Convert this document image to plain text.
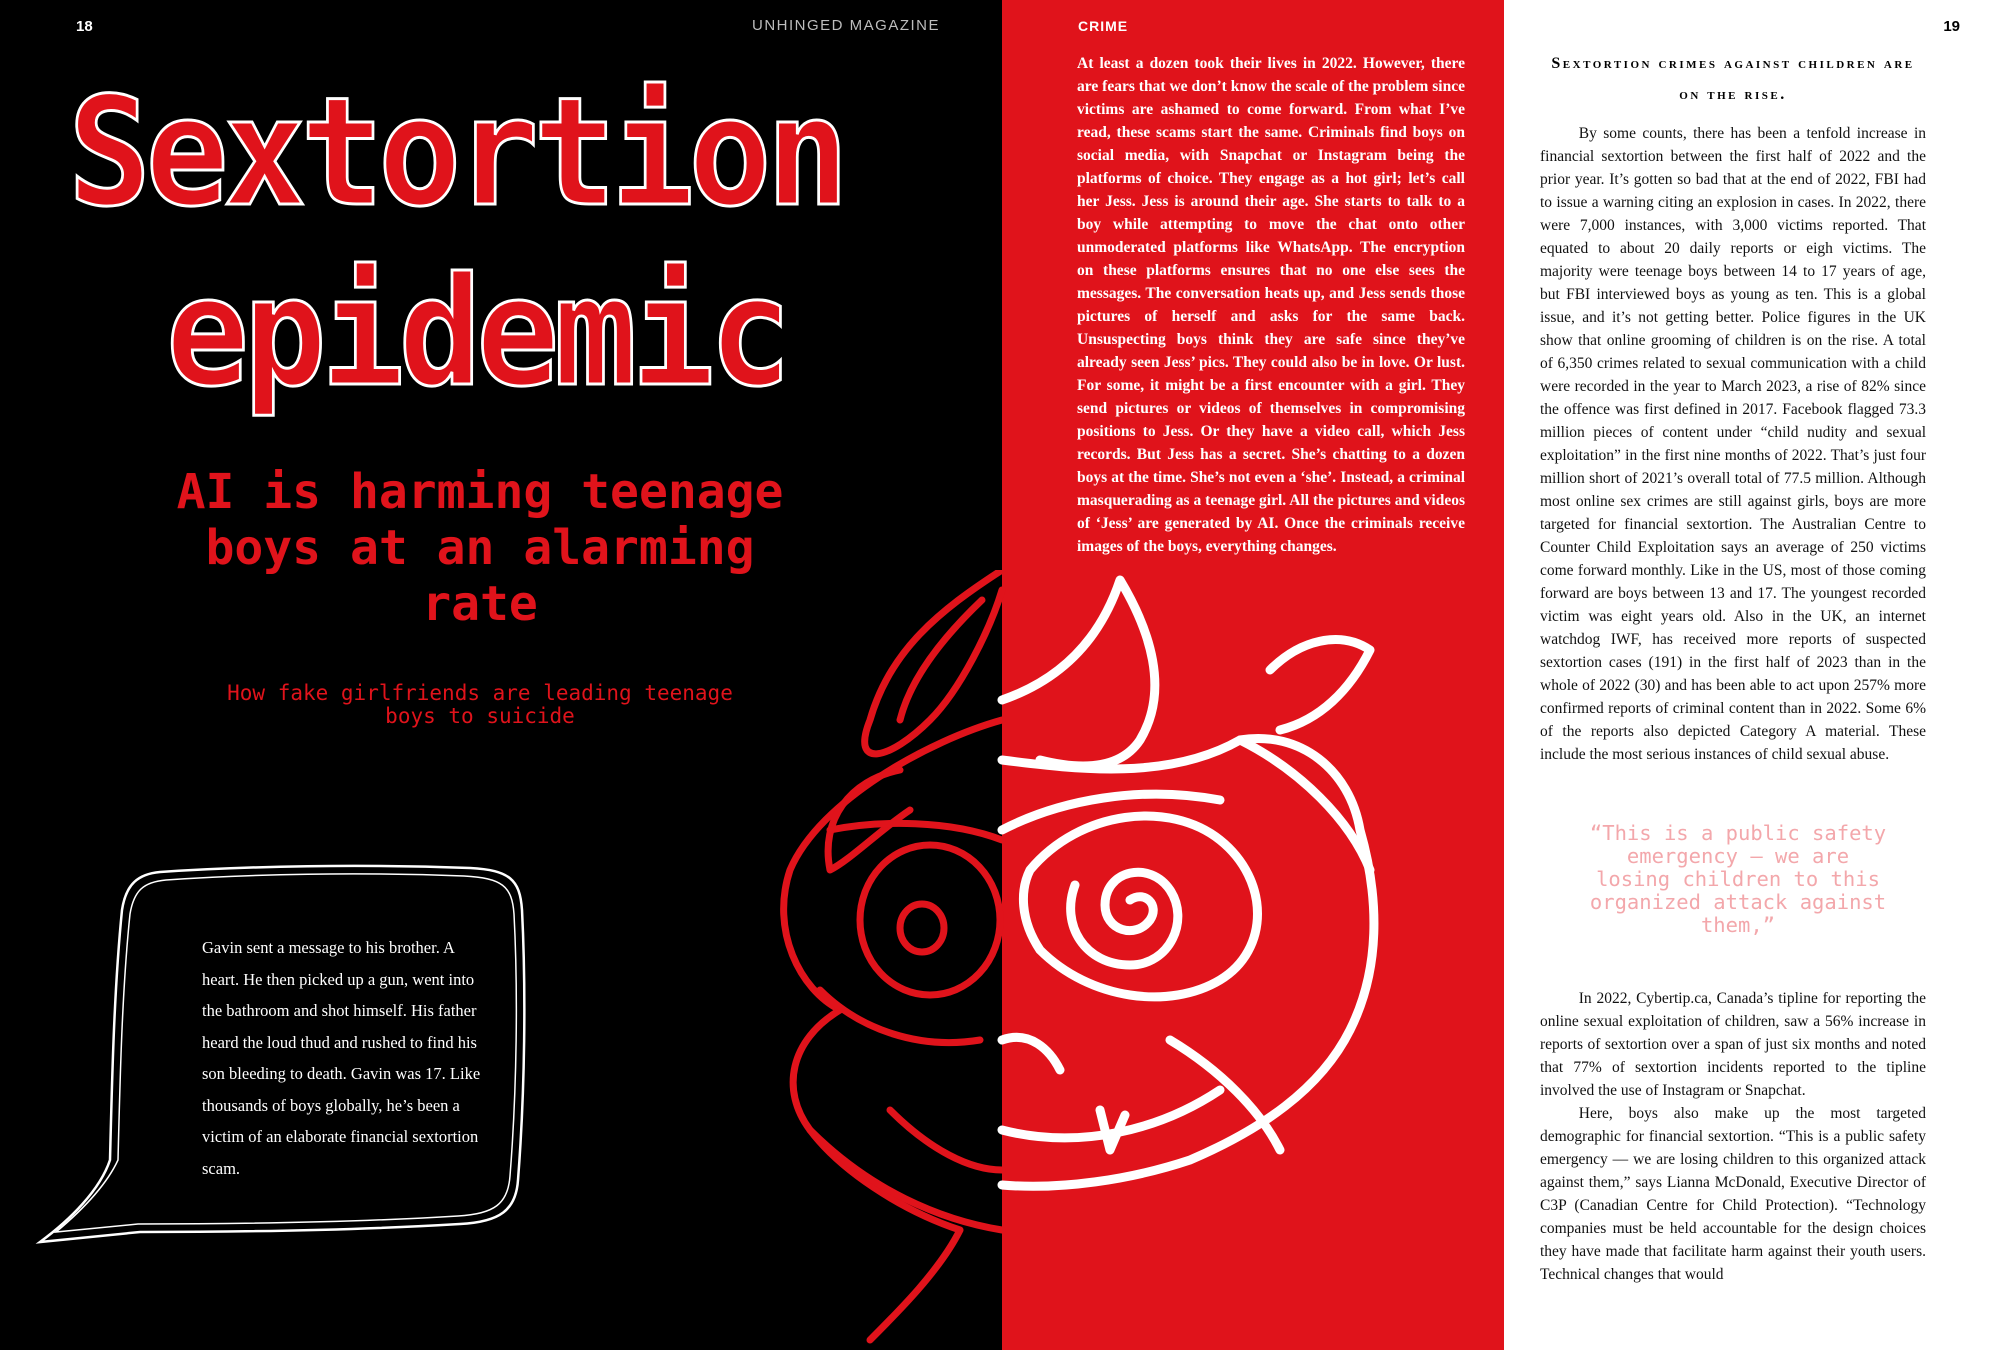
18	UNHINGED MAGAZINE	CRIME	19
Sextortion
epidemic
AI is harming teenage boys at an alarming rate
How fake girlfriends are leading teenage boys to suicide
Gavin sent a message to his brother. A heart. He then picked up a gun, went into the bathroom and shot himself. His father heard the loud thud and rushed to find his son bleeding to death. Gavin was 17. Like thousands of boys globally, he’s been a victim of an elaborate financial sextortion scam.
At least a dozen took their lives in 2022. However, there are fears that we don’t know the scale of the problem since victims are ashamed to come forward. From what I’ve read, these scams start the same. Criminals find boys on social media, with Snapchat or Instagram being the platforms of choice. They engage as a hot girl; let’s call her Jess. Jess is around their age. She starts to talk to a boy while attempting to move the chat onto other unmoderated platforms like WhatsApp. The encryption on these platforms ensures that no one else sees the messages. The conversation heats up, and Jess sends those pictures of herself and asks for the same back. Unsuspecting boys think they are safe since they’ve already seen Jess’ pics. They could also be in love. Or lust. For some, it might be a first encounter with a girl. They send pictures or videos of themselves in compromising positions to Jess. Or they have a video call, which Jess records. But Jess has a secret. She’s chatting to a dozen boys at the time. She’s not even a ‘she’. Instead, a criminal masquerading as a teenage girl. All the pictures and videos of ‘Jess’ are generated by AI. Once the criminals receive images of the boys, everything changes.
Sextortion crimes against children are on the rise.

By some counts, there has been a tenfold increase in financial sextortion between the first half of 2022 and the prior year. It’s gotten so bad that at the end of 2022, FBI had to issue a warning citing an explosion in cases. In 2022, there were 7,000 instances, with 3,000 victims reported. That equated to about 20 daily reports or eigh victims. The majority were teenage boys between 14 to 17 years of age, but FBI interviewed boys as young as ten. This is a global issue, and it’s not getting better. Police figures in the UK show that online grooming of children is on the rise. A total of 6,350 crimes related to sexual communication with a child were recorded in the year to March 2023, a rise of 82% since the offence was first defined in 2017. Facebook flagged 73.3 million pieces of content under “child nudity and sexual exploitation” in the first nine months of 2022. That’s just four million short of 2021’s overall total of 77.5 million. Although most online sex crimes are still against girls, boys are more targeted for financial sextortion. The Australian Centre to Counter Child Exploitation says an average of 250 victims come forward monthly. Like in the US, most of those coming forward are boys between 13 and 17. The youngest recorded victim was eight years old. Also in the UK, an internet watchdog IWF, has received more reports of suspected sextortion cases (191) in the first half of 2023 than in the whole of 2022 (30) and has been able to act upon 257% more confirmed reports of criminal content than in 2022. Some 6% of the reports also depicted Category A material. These include the most serious instances of child sexual abuse.

“This is a public safety emergency — we are losing children to this organized attack against them,”

In 2022, Cybertip.ca, Canada’s tipline for reporting the online sexual exploitation of children, saw a 56% increase in reports of sextortion over a span of just six months and noted that 77% of sextortion incidents reported to the tipline involved the use of Instagram or Snapchat.

Here, boys also make up the most targeted demographic for financial sextortion. “This is a public safety emergency — we are losing children to this organized attack against them,” says Lianna McDonald, Executive Director of C3P (Canadian Centre for Child Protection). “Technology companies must be held accountable for the design choices they have made that facilitate harm against their youth users. Technical changes that would
